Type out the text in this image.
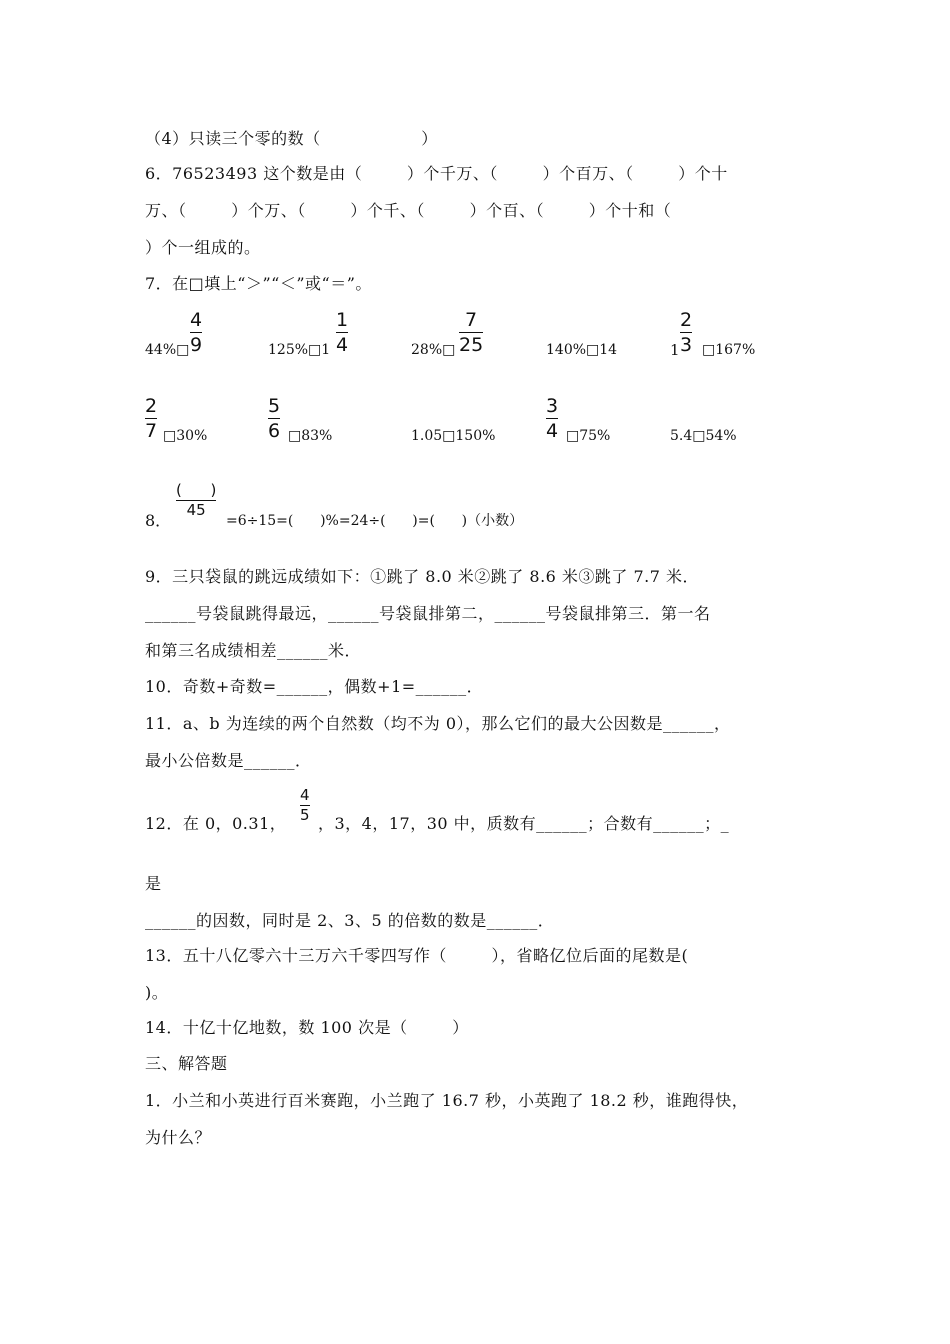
（4）只读三个零的数（                  ）
6．76523493 这个数是由（        ）个千万、（        ）个百万、（        ）个十
万、（        ）个万、（        ）个千、（        ）个百、（        ）个十和（
）个一组成的。
7．在□填上“＞”“＜”或“＝”。
44%□
4
9	125%□1
1
4	28%□
7
25	140%□14	1
2
3 □167%
2
7 □30%
5
6 □83%	1.05□150%
3
4 □75%	5.4□54%
8．
(      )
45
=6÷15=(      )%=24÷(      )=(      )（小数）
9．三只袋鼠的跳远成绩如下：①跳了 8.0 米②跳了 8.6 米③跳了 7.7 米．
______号袋鼠跳得最远，______号袋鼠排第二，______号袋鼠排第三．第一名
和第三名成绩相差______米．
10．奇数+奇数=______，偶数+1=______．
11．a、b 为连续的两个自然数（均不为 0），那么它们的最大公因数是______，
最小公倍数是______．
12．在 0，0.31，
4
5 ，3，4，17，30 中，质数有______；合数有______；_
是
______的因数，同时是 2、3、5 的倍数的数是______．
13．五十八亿零六十三万六千零四写作（        ），省略亿位后面的尾数是(
)。
14．十亿十亿地数，数 100 次是（        ）
三、解答题
1．小兰和小英进行百米赛跑，小兰跑了 16.7 秒，小英跑了 18.2 秒，谁跑得快，
为什么？
